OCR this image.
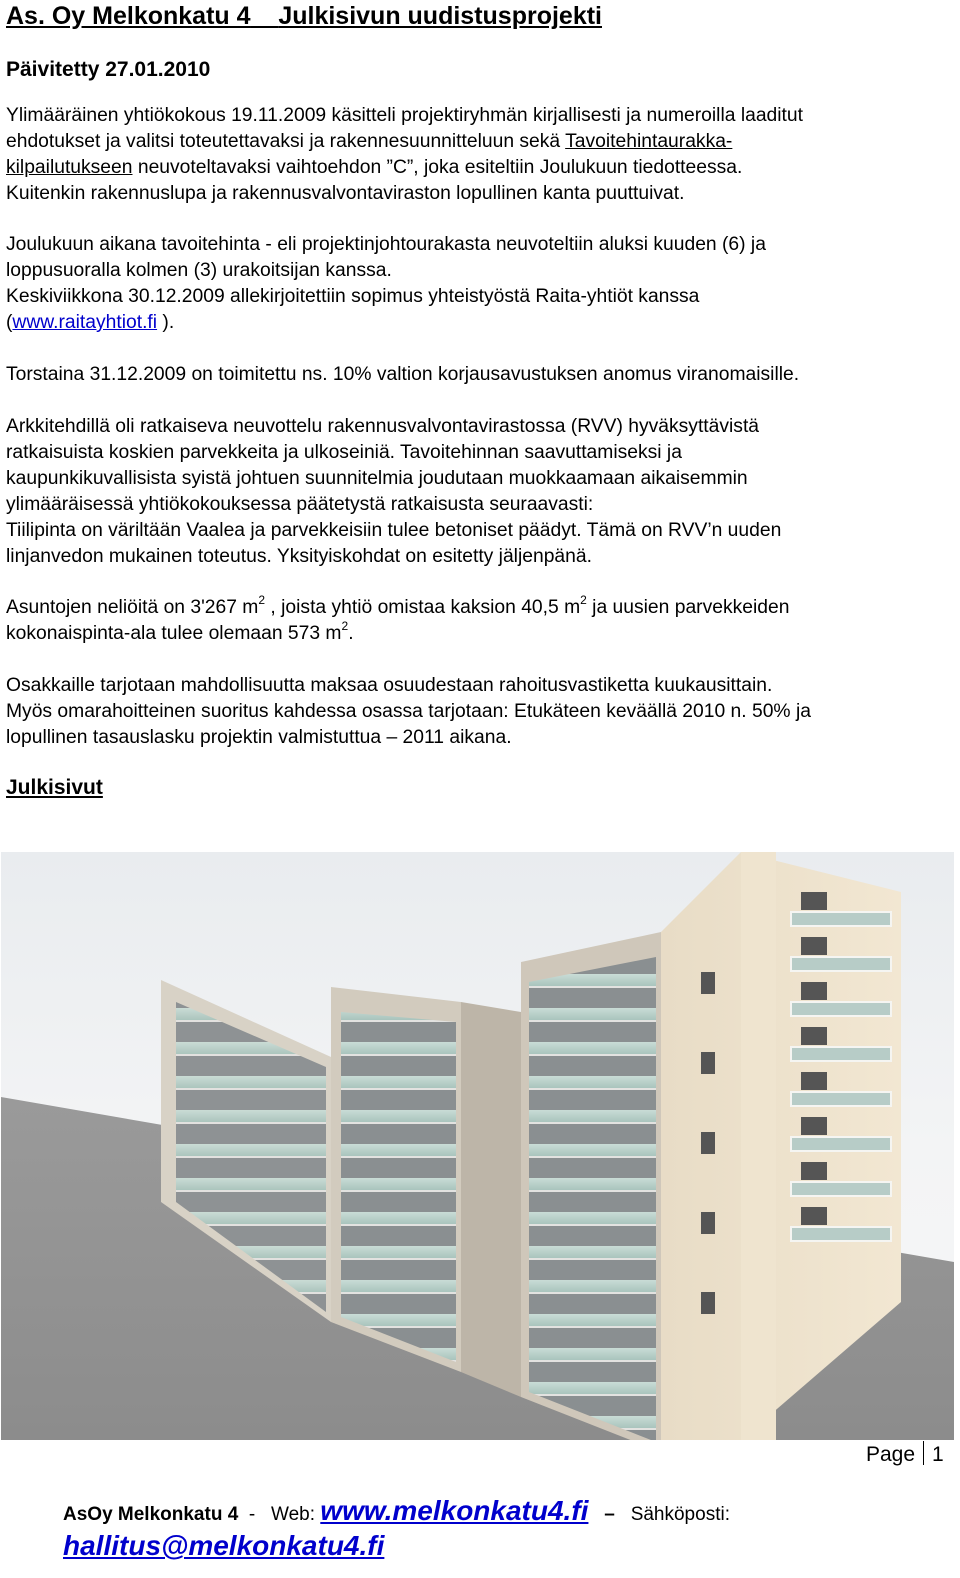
As. Oy Melkonkatu 4 Julkisivun uudistusprojekti
Päivitetty 27.01.2010
Ylimääräinen yhtiökokous 19.11.2009 käsitteli projektiryhmän kirjallisesti ja numeroilla laaditut
ehdotukset ja valitsi toteutettavaksi ja rakennesuunnitteluun sekä Tavoitehintaurakka-
kilpailutukseen neuvoteltavaksi vaihtoehdon ”C”, joka esiteltiin Joulukuun tiedotteessa.
Kuitenkin rakennuslupa ja rakennusvalvontaviraston lopullinen kanta puuttuivat.
Joulukuun aikana tavoitehinta - eli projektinjohtourakasta neuvoteltiin aluksi kuuden (6) ja
loppusuoralla kolmen (3) urakoitsijan kanssa.
Keskiviikkona 30.12.2009 allekirjoitettiin sopimus yhteistyöstä Raita-yhtiöt kanssa
(www.raitayhtiot.fi ).
Torstaina 31.12.2009 on toimitettu ns. 10% valtion korjausavustuksen anomus viranomaisille.
Arkkitehdillä oli ratkaiseva neuvottelu rakennusvalvontavirastossa (RVV) hyväksyttävistä
ratkaisuista koskien parvekkeita ja ulkoseiniä. Tavoitehinnan saavuttamiseksi ja
kaupunkikuvallisista syistä johtuen suunnitelmia joudutaan muokkaamaan aikaisemmin
ylimääräisessä yhtiökokouksessa päätetystä ratkaisusta seuraavasti:
Tiilipinta on väriltään Vaalea ja parvekkeisiin tulee betoniset päädyt. Tämä on RVV’n uuden
linjanvedon mukainen toteutus. Yksityiskohdat on esitetty jäljenpänä.
Asuntojen neliöitä on 3'267 $m^2$ , joista yhtiö omistaa kaksion 40,5 $m^2$ ja uusien parvekkeiden
kokonaispinta-ala tulee olemaan 573 $m^2$.
Osakkaille tarjotaan mahdollisuutta maksaa osuudestaan rahoitusvastiketta kuukausittain.
Myös omarahoitteinen suoritus kahdessa osassa tarjotaan: Etukäteen keväällä 2010 n. 50% ja
lopullinen tasauslasku projektin valmistuttua – 2011 aikana.
Julkisivut
Page 1
AsOy Melkonkatu 4  -   Web: www.melkonkatu4.fi   –   Sähköposti:
hallitus@melkonkatu4.fi
